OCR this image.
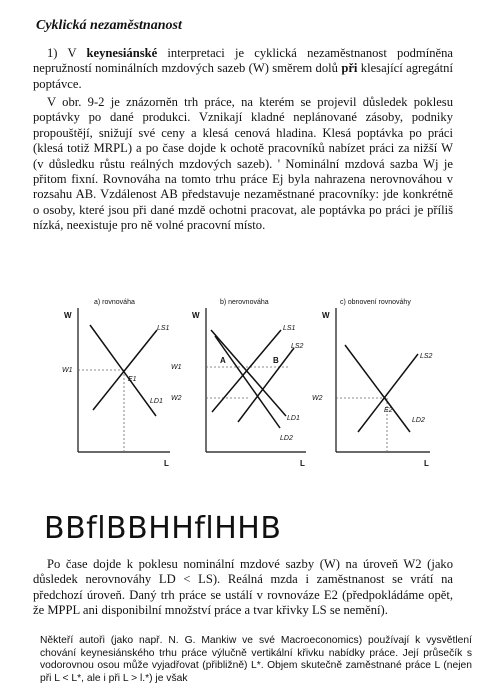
Cyklická nezaměstnanost

1) V keynesiánské interpretaci je cyklická nezaměstnanost podmíněna nepružností nominálních mzdových sazeb (W) směrem dolů při klesající agregátní poptávce.

V obr. 9-2 je znázorněn trh práce, na kterém se projevil důsledek poklesu poptávky po dané produkci. Vznikají kladné neplánované zásoby, podniky propouštějí, snižují své ceny a klesá cenová hladina. Klesá poptávka po práci (klesá totiž MRPL) a po čase dojde k ochotě pracovníků nabízet práci za nižší W (v důsledku růstu reálných mzdových sazeb). ' Nominální mzdová sazba Wj je přitom fixní. Rovnováha na tomto trhu práce Ej byla nahrazena nerovnováhou v rozsahu AB. Vzdálenost AB představuje nezaměstnané pracovníky: jde konkrétně o osoby, které jsou při dané mzdě ochotni pracovat, ale poptávka po práci je příliš nízká, neexistuje pro ně volné pracovní místo.

a) rovnováha
W
L
W1
LS1
LD1
E1
b) nerovnováha
W
L
W1
W2
LS1
LS2
LD1
LD2
A	B
c) obnovení rovnováhy
W
L
W2
LS2
LD2
E2
BBflBBHHflHHB

Po čase dojde k poklesu nominální mzdové sazby (W) na úroveň W2 (jako důsledek nerovnováhy LD < LS). Reálná mzda i zaměstnanost se vrátí na předchozí úroveň. Daný trh práce se ustálí v rovnováze E2 (předpokládáme opět, že MPPL ani disponibilní množství práce a tvar křivky LS se nemění).

Někteří autoři (jako např. N. G. Mankiw ve své Macroeconomics) používají k vysvětlení chování keynesiánského trhu práce výlučně vertikální křivku nabídky práce. Její průsečík s vodorovnou osou může vyjadřovat (přibližně) L*. Objem skutečně zaměstnané práce L (nejen při L < L*, ale i při L > l.*) je však
